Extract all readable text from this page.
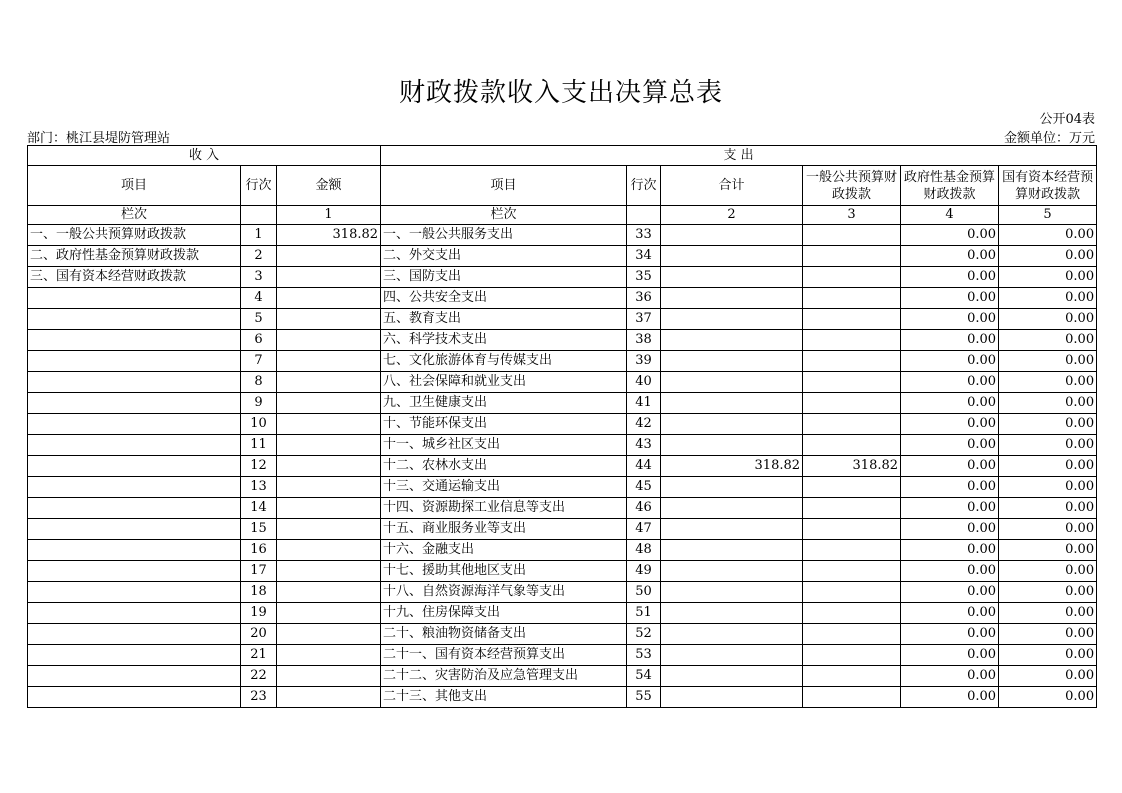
财政拨款收入支出决算总表
公开04表
部门：桃江县堤防管理站	金额单位：万元
收 入			支 出					
项目	行次	金额	项目	行次	合计	一般公共预算财政拨款	政府性基金预算财政拨款	国有资本经营预算财政拨款
栏次		1	栏次		2	3	4	5
一、一般公共预算财政拨款	1	318.82	一、一般公共服务支出	33			0.00	0.00
二、政府性基金预算财政拨款	2		二、外交支出	34			0.00	0.00
三、国有资本经营财政拨款	3		三、国防支出	35			0.00	0.00
	4		四、公共安全支出	36			0.00	0.00
	5		五、教育支出	37			0.00	0.00
	6		六、科学技术支出	38			0.00	0.00
	7		七、文化旅游体育与传媒支出	39			0.00	0.00
	8		八、社会保障和就业支出	40			0.00	0.00
	9		九、卫生健康支出	41			0.00	0.00
	10		十、节能环保支出	42			0.00	0.00
	11		十一、城乡社区支出	43			0.00	0.00
	12		十二、农林水支出	44	318.82	318.82	0.00	0.00
	13		十三、交通运输支出	45			0.00	0.00
	14		十四、资源勘探工业信息等支出	46			0.00	0.00
	15		十五、商业服务业等支出	47			0.00	0.00
	16		十六、金融支出	48			0.00	0.00
	17		十七、援助其他地区支出	49			0.00	0.00
	18		十八、自然资源海洋气象等支出	50			0.00	0.00
	19		十九、住房保障支出	51			0.00	0.00
	20		二十、粮油物资储备支出	52			0.00	0.00
	21		二十一、国有资本经营预算支出	53			0.00	0.00
	22		二十二、灾害防治及应急管理支出	54			0.00	0.00
	23		二十三、其他支出	55			0.00	0.00
